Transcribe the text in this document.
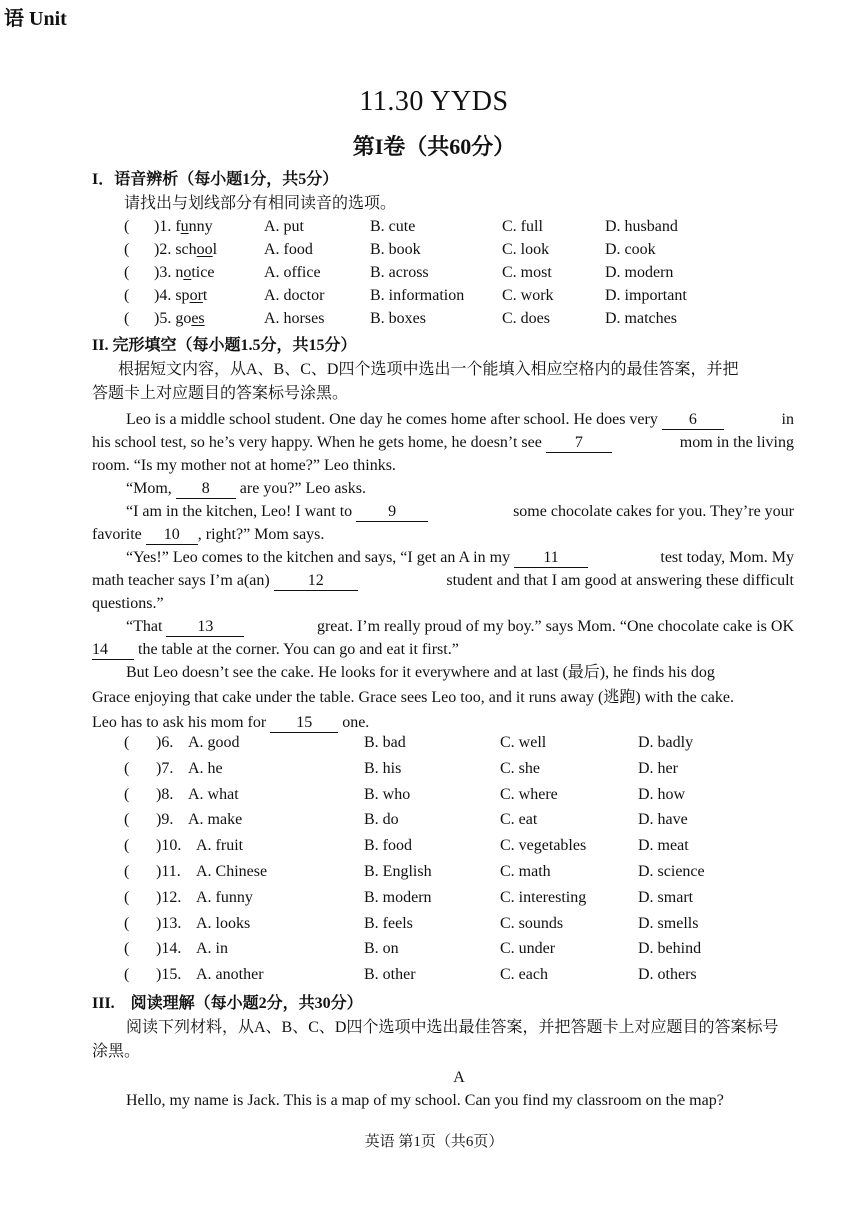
语 Unit
11.30 YYDS
第I卷（共60分）
I．语音辨析（每小题1分，共5分）
请找出与划线部分有相同读音的选项。
( )1. funny	A. put	B. cute	C. full	D. husband
( )2. school	A. food	B. book	C. look	D. cook
( )3. notice	A. office	B. across	C. most	D. modern
( )4. sport	A. doctor	B. information C. work	D. important
( )5. goes	A. horses	B. boxes	C. does	D. matches
II. 完形填空（每小题1.5分，共15分）
根据短文内容，从A、B、C、D四个选项中选出一个能填入相应空格内的最佳答案，并把
答题卡上对应题目的答案标号涂黑。
Leo is a middle school student. One day he comes home after school. He does very 6	in
his school test, so he’s very happy. When he gets home, he doesn’t see 7	mom in the living
room. “Is my mother not at home?” Leo thinks.
“Mom, 8 are you?” Leo asks.
“I am in the kitchen, Leo! I want to 9	some chocolate cakes for you. They’re your
favorite 10 , right?” Mom says.
“Yes!” Leo comes to the kitchen and says, “I get an A in my 11	test today, Mom. My
math teacher says I’m a(an) 12	student and that I am good at answering these difficult
questions.”
“That 13	great. I’m really proud of my boy.” says Mom. “One chocolate cake is OK
14 the table at the corner. You can go and eat it first.”
But Leo doesn’t see the cake. He looks for it everywhere and at last (最后), he finds his dog
Grace enjoying that cake under the table. Grace sees Leo too, and it runs away (逃跑) with the cake.
Leo has to ask his mom for 15 one.
( )6. A. good	B. bad	C. well	D. badly
( )7. A. he	B. his	C. she	D. her
( )8. A. what	B. who	C. where	D. how
( )9. A. make	B. do	C. eat	D. have
( )10. A. fruit	B. food	C. vegetables	D. meat
( )11. A. Chinese	B. English	C. math	D. science
( )12. A. funny	B. modern	C. interesting	D. smart
( )13. A. looks	B. feels	C. sounds	D. smells
( )14. A. in	B. on	C. under	D. behind
( )15. A. another	B. other	C. each	D. others
III.　阅读理解（每小题2分，共30分）
阅读下列材料，从A、B、C、D四个选项中选出最佳答案，并把答题卡上对应题目的答案标号
涂黑。
A
Hello, my name is Jack. This is a map of my school. Can you find my classroom on the map?
英语 第1页（共6页）
